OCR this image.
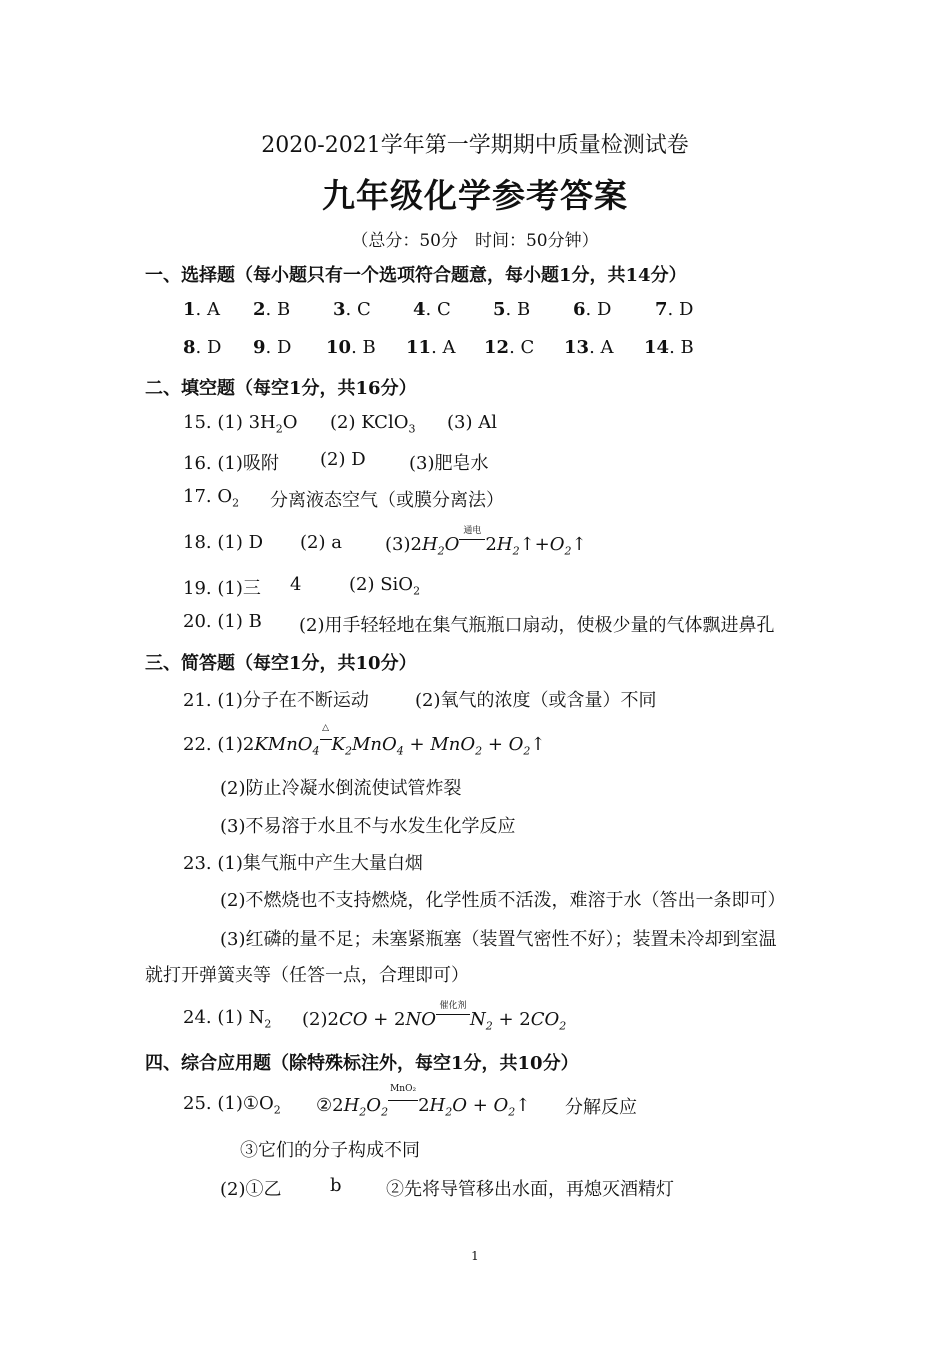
2020-2021学年第一学期期中质量检测试卷
九年级化学参考答案
（总分：50分　时间：50分钟）
一、选择题（每小题只有一个选项符合题意，每小题1分，共14分）
1. A 2. B 3. C 4. C 5. B 6. D 7. D
8. D 9. D 10. B 11. A 12. C 13. A 14. B
二、填空题（每空1分，共16分）
15. (1) $3H_2O$ (2) KClO$_3$ (3) Al
16. (1)吸附 (2) D (3)肥皂水
17. $O_2$ 分离液态空气（或膜分离法）
18. (1) D (2) a $(3)2H_2O$
通电
$2H_2↑+O_2↑$
19. (1)三 4	(2) SiO$_2$
20. (1) B (2)用手轻轻地在集气瓶瓶口扇动，使极少量的气体飘进鼻孔
三、简答题（每空1分，共10分）
21. (1)分子在不断运动	(2)氧气的浓度（或含量）不同
22. (1)2KMnO$_4$
△
$K_2MnO_4 + MnO_2$ + $O_2↑$
(2)防止冷凝水倒流使试管炸裂
(3)不易溶于水且不与水发生化学反应
23. (1)集气瓶中产生大量白烟
(2)不燃烧也不支持燃烧，化学性质不活泼，难溶于水（答出一条即可）
(3)红磷的量不足；未塞紧瓶塞（装置气密性不好）；装置未冷却到室温
就打开弹簧夹等（任答一点，合理即可）
24. (1) $N_2$ (2)2CO + 2NO
催化剂
$N_2 + 2CO_2$
四、综合应用题（除特殊标注外，每空1分，共10分）
25. $(1)①O_2$ $②2H_2O_2$
MnO₂
$2H_2O$ + $O_2↑$ 分解反应
③它们的分子构成不同
(2)①乙	b ②先将导管移出水面，再熄灭酒精灯
1
